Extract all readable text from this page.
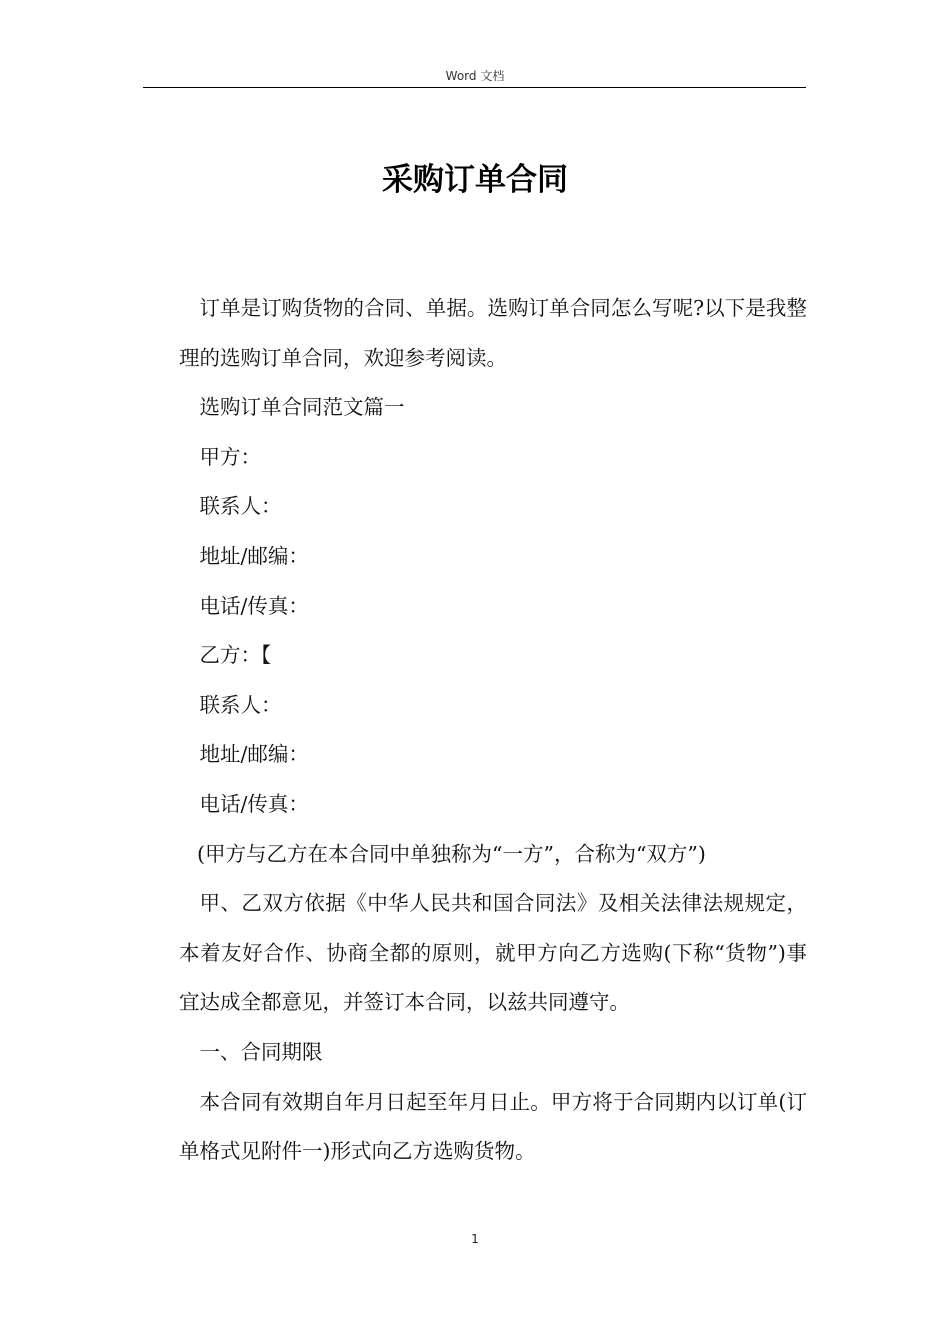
Word 文档
采购订单合同

订单是订购货物的合同、单据。选购订单合同怎么写呢?以下是我整理的选购订单合同，欢迎参考阅读。

选购订单合同范文篇一

甲方：

联系人：

地址/邮编：

电话/传真：

乙方：【

联系人：

地址/邮编：

电话/传真：

(甲方与乙方在本合同中单独称为“一方”，合称为“双方”)

甲、乙双方依据《中华人民共和国合同法》及相关法律法规规定，本着友好合作、协商全都的原则，就甲方向乙方选购(下称“货物”)事宜达成全都意见，并签订本合同，以兹共同遵守。

一、合同期限

本合同有效期自年月日起至年月日止。甲方将于合同期内以订单(订单格式见附件一)形式向乙方选购货物。

1
